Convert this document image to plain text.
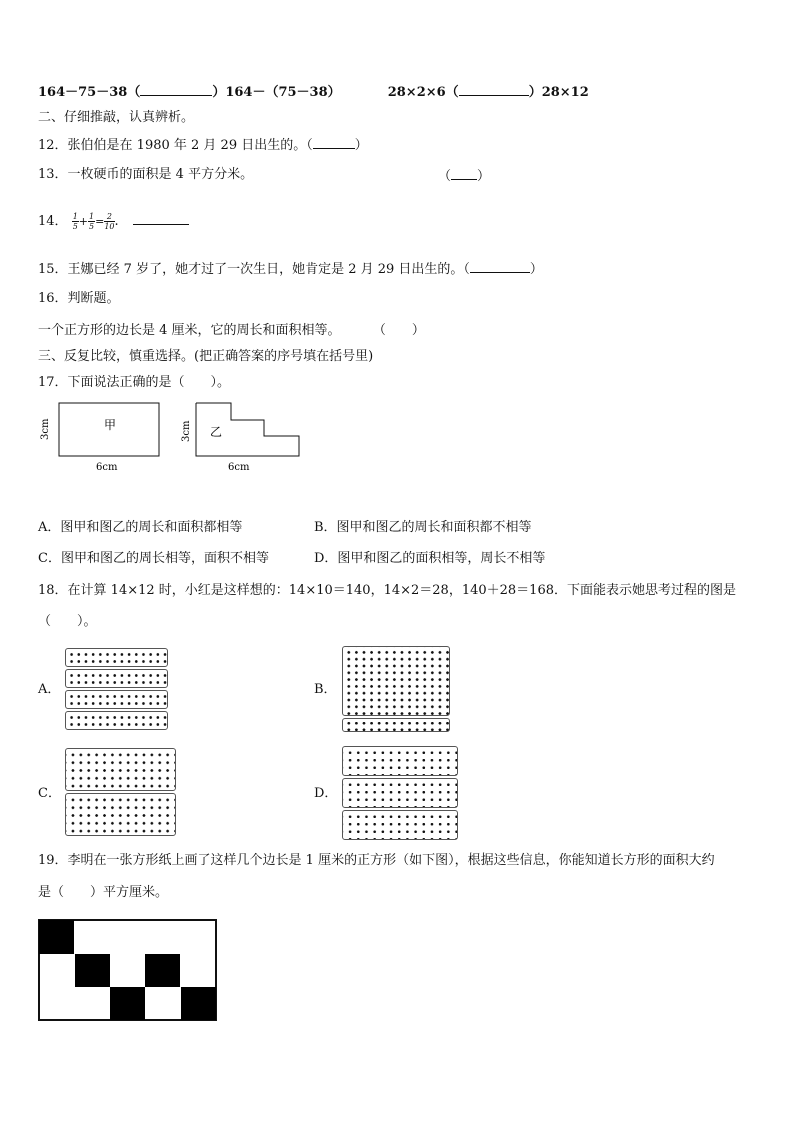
164－75－38（	）164－（75－38）	28×2×6（	）28×12
二、仔细推敲，认真辨析。
12．张伯伯是在 1980 年 2 月 29 日出生的。（	）
13．一枚硬币的面积是 4 平方分米。	（ ）
14． $\frac{1}{5} + \frac{1}{5} = \frac{2}{10}$ .
15．王娜已经 7 岁了，她才过了一次生日，她肯定是 2 月 29 日出生的。（	）
16．判断题。
一个正方形的边长是 4 厘米，它的周长和面积相等。 （　　）
三、反复比较，慎重选择。(把正确答案的序号填在括号里)
17．下面说法正确的是（　　）。
甲
3cm
6cm
乙
3cm
6cm
A．图甲和图乙的周长和面积都相等	B．图甲和图乙的周长和面积都不相等
C．图甲和图乙的周长相等，面积不相等	D．图甲和图乙的面积相等，周长不相等
18．在计算 14×12 时，小红是这样想的：14×10＝140，14×2＝28，140＋28＝168．下面能表示她思考过程的图是
（　　）。
A．	B．
C．	D．
19．李明在一张方形纸上画了这样几个边长是 1 厘米的正方形（如下图），根据这些信息，你能知道长方形的面积大约
是（　　）平方厘米。
